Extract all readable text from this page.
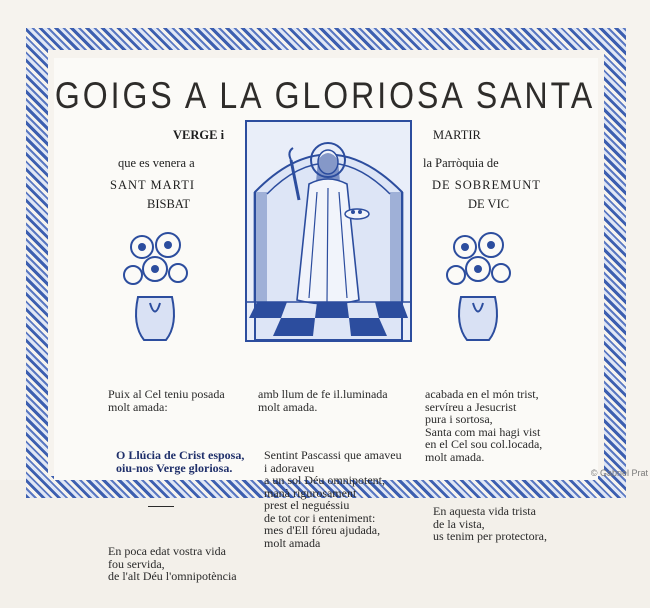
GOIGS A LA GLORIOSA SANTA
VERGE i
que es venera a
SANT MARTI
BISBAT
MARTIR
la Parròquia de
DE SOBREMUNT
DE VIC

Puix al Cel teniu posada
molt amada:

O Llúcia de Crist esposa,
oiu-nos Verge gloriosa.

En poca edat vostra vida
fou servida,
de l'alt Déu l'omnipotència

amb llum de fe il.luminada
molt amada.

Sentint Pascassi que amaveu
i adoraveu
a un sol Déu omnipotent,
manà rigurosament
prest el neguéssiu
de tot cor i enteniment:
mes d'Ell fóreu ajudada,
molt amada

acabada en el món trist,
servíreu a Jesucrist
pura i sortosa,
Santa com mai hagi vist
en el Cel sou col.locada,
molt amada.

En aquesta vida trista
de la vista,
us tenim per protectora,

© Gabriel Prat
